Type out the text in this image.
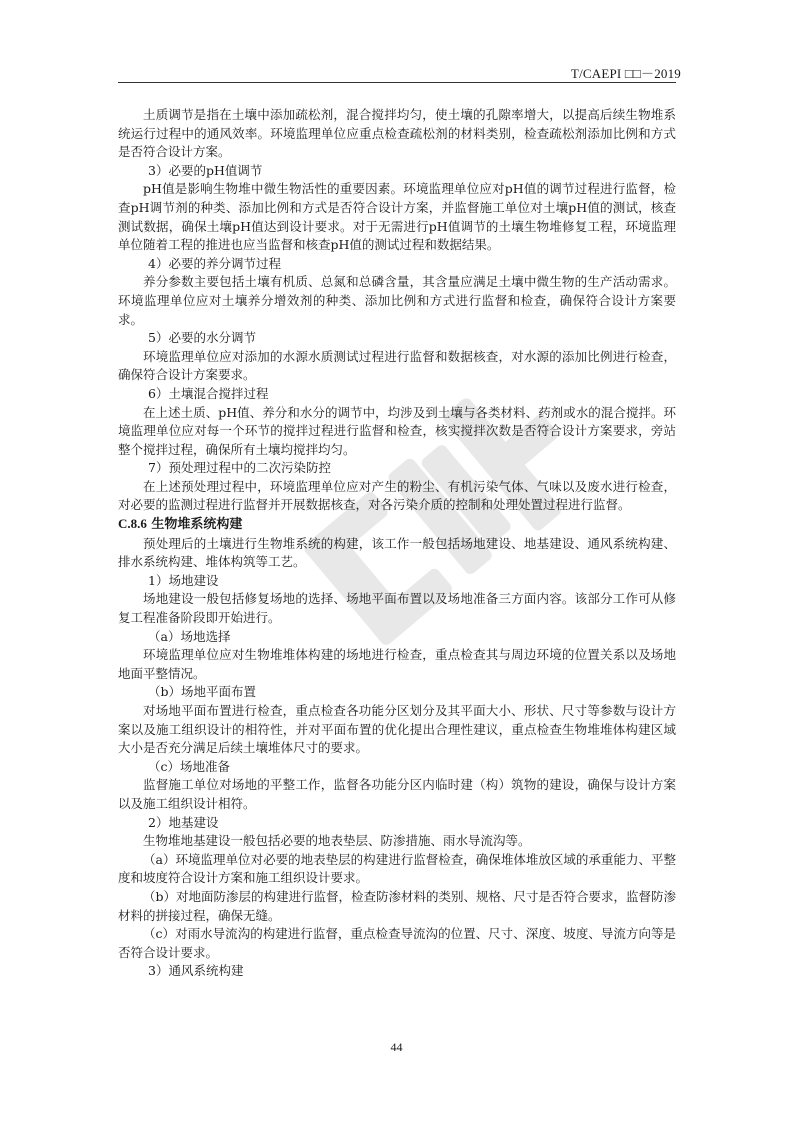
T/CAEPI □□－2019

土质调节是指在土壤中添加疏松剂，混合搅拌均匀，使土壤的孔隙率增大，以提高后续生物堆系统运行过程中的通风效率。环境监理单位应重点检查疏松剂的材料类别，检查疏松剂添加比例和方式是否符合设计方案。

3）必要的pH值调节

pH值是影响生物堆中微生物活性的重要因素。环境监理单位应对pH值的调节过程进行监督，检查pH调节剂的种类、添加比例和方式是否符合设计方案，并监督施工单位对土壤pH值的测试，核查测试数据，确保土壤pH值达到设计要求。对于无需进行pH值调节的土壤生物堆修复工程，环境监理单位随着工程的推进也应当监督和核查pH值的测试过程和数据结果。

4）必要的养分调节过程

养分参数主要包括土壤有机质、总氮和总磷含量，其含量应满足土壤中微生物的生产活动需求。环境监理单位应对土壤养分增效剂的种类、添加比例和方式进行监督和检查，确保符合设计方案要求。

5）必要的水分调节

环境监理单位应对添加的水源水质测试过程进行监督和数据核查，对水源的添加比例进行检查，确保符合设计方案要求。

6）土壤混合搅拌过程

在上述土质、pH值、养分和水分的调节中，均涉及到土壤与各类材料、药剂或水的混合搅拌。环境监理单位应对每一个环节的搅拌过程进行监督和检查，核实搅拌次数是否符合设计方案要求，旁站整个搅拌过程，确保所有土壤均搅拌均匀。

7）预处理过程中的二次污染防控

在上述预处理过程中，环境监理单位应对产生的粉尘、有机污染气体、气味以及废水进行检查，对必要的监测过程进行监督并开展数据核查，对各污染介质的控制和处理处置过程进行监督。

C.8.6 生物堆系统构建

预处理后的土壤进行生物堆系统的构建，该工作一般包括场地建设、地基建设、通风系统构建、排水系统构建、堆体构筑等工艺。

1）场地建设

场地建设一般包括修复场地的选择、场地平面布置以及场地准备三方面内容。该部分工作可从修复工程准备阶段即开始进行。

（a）场地选择

环境监理单位应对生物堆堆体构建的场地进行检查，重点检查其与周边环境的位置关系以及场地地面平整情况。

（b）场地平面布置

对场地平面布置进行检查，重点检查各功能分区划分及其平面大小、形状、尺寸等参数与设计方案以及施工组织设计的相符性，并对平面布置的优化提出合理性建议，重点检查生物堆堆体构建区域大小是否充分满足后续土壤堆体尺寸的要求。

（c）场地准备

监督施工单位对场地的平整工作，监督各功能分区内临时建（构）筑物的建设，确保与设计方案以及施工组织设计相符。

2）地基建设

生物堆地基建设一般包括必要的地表垫层、防渗措施、雨水导流沟等。

（a）环境监理单位对必要的地表垫层的构建进行监督检查，确保堆体堆放区域的承重能力、平整度和坡度符合设计方案和施工组织设计要求。

（b）对地面防渗层的构建进行监督，检查防渗材料的类别、规格、尺寸是否符合要求，监督防渗材料的拼接过程，确保无缝。

（c）对雨水导流沟的构建进行监督，重点检查导流沟的位置、尺寸、深度、坡度、导流方向等是否符合设计要求。

3）通风系统构建

44
